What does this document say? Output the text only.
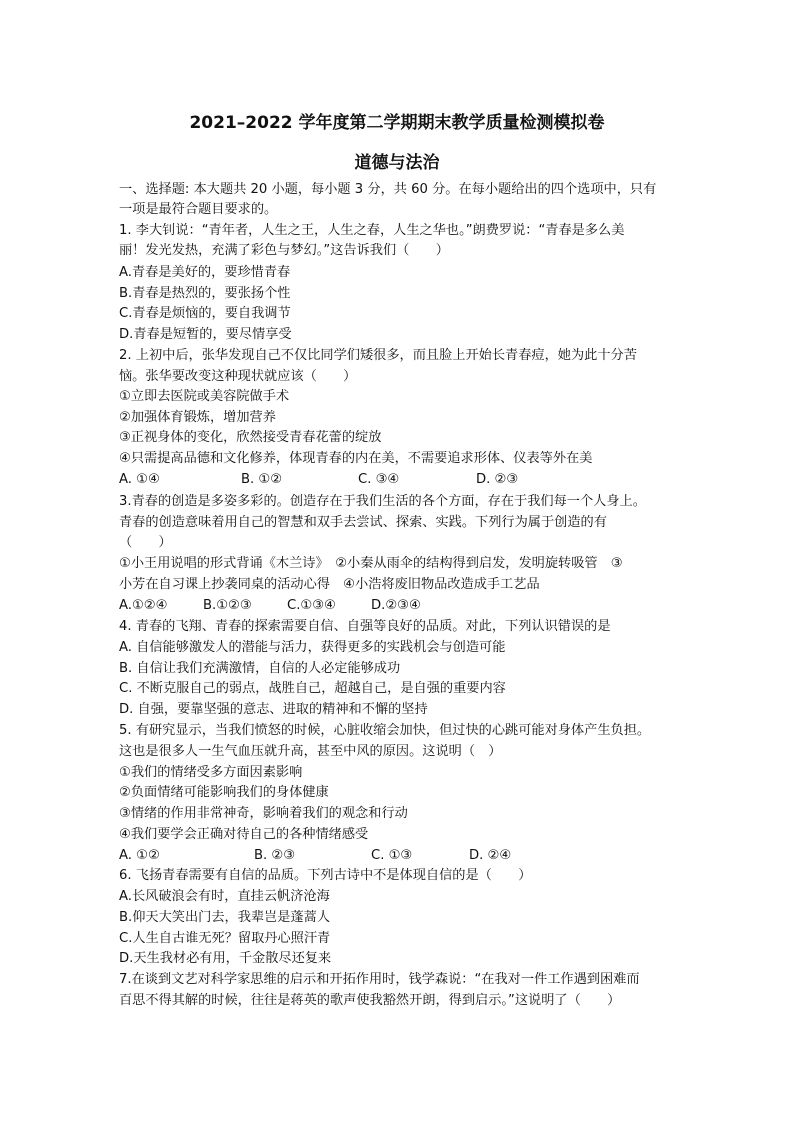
2021–2022 学年度第二学期期末教学质量检测模拟卷
道德与法治
一、选择题: 本大题共 20 小题，每小题 3 分，共 60 分。在每小题给出的四个选项中，只有
一项是最符合题目要求的。
1. 李大钊说：“青年者，人生之王，人生之春，人生之华也。”朗费罗说：“青春是多么美
丽！发光发热，充满了彩色与梦幻。”这告诉我们（　　）
A.青春是美好的，要珍惜青春
B.青春是热烈的，要张扬个性
C.青春是烦恼的，要自我调节
D.青春是短暂的，要尽情享受
2. 上初中后，张华发现自己不仅比同学们矮很多，而且脸上开始长青春痘，她为此十分苦
恼。张华要改变这种现状就应该（　　）
①立即去医院或美容院做手术
②加强体育锻炼，增加营养
③正视身体的变化，欣然接受青春花蕾的绽放
④只需提高品德和文化修养，体现青春的内在美，不需要追求形体、仪表等外在美
A. ①④	B. ①②	C. ③④	D. ②③
3.青春的创造是多姿多彩的。创造存在于我们生活的各个方面，存在于我们每一个人身上。
青春的创造意味着用自己的智慧和双手去尝试、探索、实践。下列行为属于创造的有
（　　）
①小王用说唱的形式背诵《木兰诗》　②小秦从雨伞的结构得到启发，发明旋转吸管　③
小芳在自习课上抄袭同桌的活动心得　④小浩将废旧物品改造成手工艺品
A.①②④	B.①②③	C.①③④	D.②③④
4. 青春的飞翔、青春的探索需要自信、自强等良好的品质。对此，下列认识错误的是
A. 自信能够激发人的潜能与活力，获得更多的实践机会与创造可能
B. 自信让我们充满激情，自信的人必定能够成功
C. 不断克服自己的弱点，战胜自己，超越自己，是自强的重要内容
D. 自强，要靠坚强的意志、进取的精神和不懈的坚持
5. 有研究显示，当我们愤怒的时候，心脏收缩会加快，但过快的心跳可能对身体产生负担。
这也是很多人一生气血压就升高，甚至中风的原因。这说明（　）
①我们的情绪受多方面因素影响
②负面情绪可能影响我们的身体健康
③情绪的作用非常神奇，影响着我们的观念和行动
④我们要学会正确对待自己的各种情绪感受
A. ①②	B. ②③	C. ①③	D. ②④
6. 飞扬青春需要有自信的品质。下列古诗中不是体现自信的是（　　）
A.长风破浪会有时，直挂云帆济沧海
B.仰天大笑出门去，我辈岂是蓬蒿人
C.人生自古谁无死？留取丹心照汗青
D.天生我材必有用，千金散尽还复来
7.在谈到文艺对科学家思维的启示和开拓作用时，钱学森说：“在我对一件工作遇到困难而
百思不得其解的时候，往往是蒋英的歌声使我豁然开朗，得到启示。”这说明了（　　）
